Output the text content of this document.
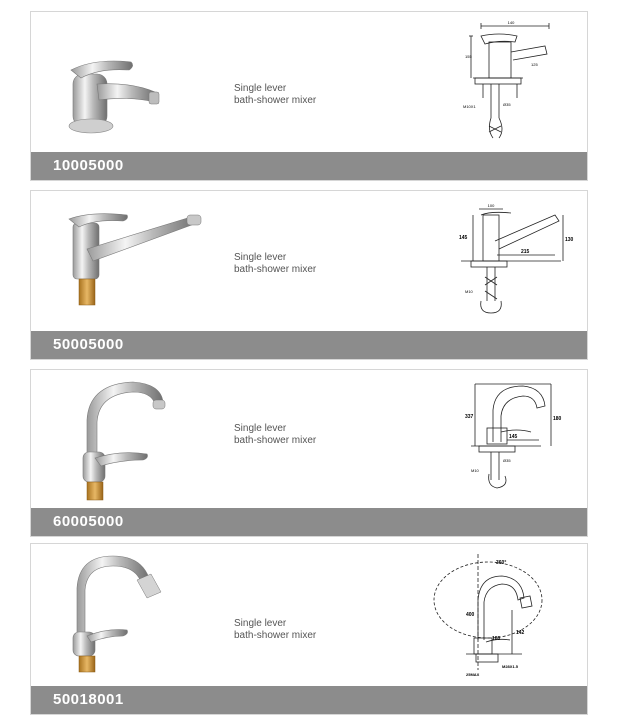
Single lever
bath-shower mixer
140
125
155
M10X1	Ø35
10005000
Single lever
bath-shower mixer
100
145
215
130
M10
50005000
Single lever
bath-shower mixer
337
145
180
Ø35
M10
60005000
Single lever
bath-shower mixer
360°
400
180
142
M28X1.5
25MAX
50018001
